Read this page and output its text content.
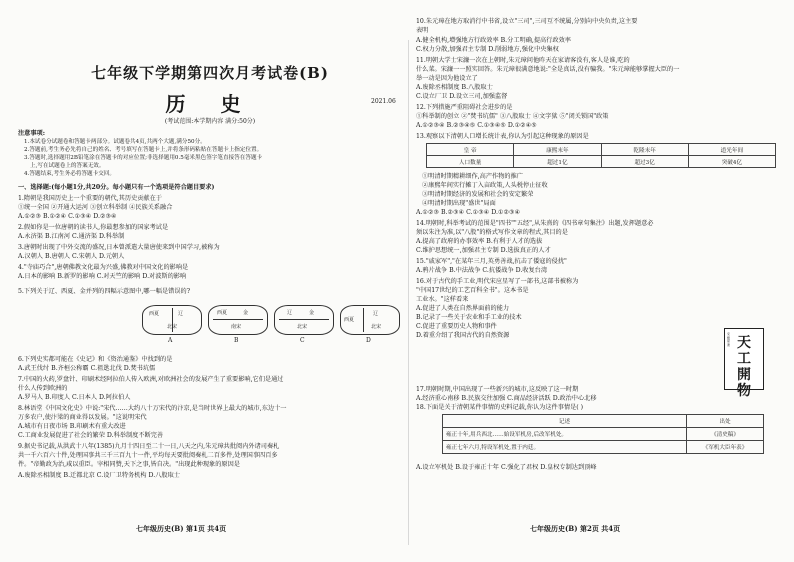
七年级下学期第四次月考试卷(B)
历 史	2021.06
(考试范围:本学期内容 满分:50分)
注意事项:
1.本试卷分试题卷和答题卡两部分。试题卷共4页,共两个大题,满分50分。
2.答题前,考生务必先将自己的姓名、考号填写在答题卡上,并将条形码粘贴在答题卡上指定位置。
3.答题时,选择题用2B铅笔涂在答题卡的对应位置;非选择题用0.5毫米黑色签字笔直接答在答题卡
上,写在试题卷上的答案无效。
4.答题结束,考生务必将答题卡交回。
一、选择题:(每小题1分,共20分。每小题只有一个选项是符合题目要求)
1.隋朝是我国历史上一个重要的朝代,其历史贡献在于
①统一全国 ②开通大运河 ③创立科举制 ④民族关系融合
A.①②③ B.①②④ C.①③④ D.②③④
2.假如你是一位唐朝的读书人,你最想参加的国家考试是
A.永济渠 B.江南河 C.通济渠 D.科举制
3.唐朝时出现了中外交流的盛况,日本曾派遣大量唐使来到中国学习,被称为
A.汉朝人 B.唐朝人 C.宋朝人 D.元朝人
4."寺庙巧合",唐朝佛教文化最为兴盛,佛教对中国文化的影响是
A.日本的影响 B.新罗的影响 C.对天竺的影响 D.对波斯的影响
5.下列关于辽、西夏、金并列的四幅示意图中,哪一幅是错误的?
西夏	辽
北宋
A
西夏	金
南宋
B
辽	金
北宋
C
西夏
辽
北宋
D
6.下列史实都可能在《史记》和《资治通鉴》中找到的是
A.武王伐纣 B.齐桓公称霸 C.祖逖北伐 D.焚书坑儒
7.中国的火药,罗盘针、印刷术经阿拉伯人传入欧洲,对欧洲社会的发展产生了重要影响,它们是通过
什么人传到欧洲的
A.罗马人 B.印度人 C.日本人 D.阿拉伯人
8.林语堂《中国文化史》中说:"宋代……大约八十万宋代的汴京,是当时世界上最大的城市,东边十一
万多农户,使汴梁的商业得以发展。"这说明宋代
A.城市有日夜市场 B.印刷术有重大改进
C.工商业发展促进了社会的繁荣 D.科举制度不断完善
9.据史书记载,从洪武十八年(1385)九月十四日至二十一日,八天之内,朱元璋共批阅内外诸司奏札
共一千六百六十件,处理国事共三千三百九十一件,平均每天要批阅奏札二百多件,处理国事四百多
件。"帝勤政为治,咸以重臣。宰相同赞,天下之事,皆自决。"出现此种现象的原因是
A.废除丞相制度 B.迁都北京 C.设厂卫特务机构 D.八股取士
七年级历史(B) 第1页 共4页
10.朱元璋在地方取消行中书省,设立"三司",三司互不统属,分别向中央负责,这主要
表明
A.健全机构,增强地方行政效率 B.分工明确,提高行政效率
C.权力分散,加强君主专制 D.削弱地方,强化中央集权
11.明朝大学士宋濂一次在上朝时,朱元璋问他昨天在家请客没有,客人是谁,吃的
什么菜。宋濂一一照实回答。朱元璋很满意地说:"全是真话,没有骗我。"朱元璋能够掌握大臣的一
举一动是因为他设立了
A.废除丞相制度 B.八股取士
C.设立厂卫 D.设立三司,加强监督
12.下列措施严重阻碍社会进步的是
①科举制的创立 ②"焚书坑儒" ③八股取士 ④文字狱 ⑤"闭关锁国"政策
A.①②③④ B.②③④⑤ C.①③④⑤ D.①②④⑤
13.观察以下清朝人口增长统计表,你认为引起这种现象的原因是
皇 帝	康熙末年	乾隆末年	道光年间
人口数量	超过1亿	超过3亿	突破4亿
①明清时期精耕细作,高产作物的推广
②康熙年间实行摊丁入亩政策,人头税停止征收
③明清时期经济的发展和社会的安定繁荣
④明清时期出现"盛世"局面
A.①②③ B.②③④ C.①③④ D.①②③④
14.明朝时,科举考试的范围是"四书""五经",从朱熹的《四书章句集注》出题,发挥题意必
须以朱注为准,以"八股"的格式写作文章的程式,其目的是
A.提高了政府的办事效率 B.有利于人才的选拔
C.维护思想统一,加强君主专制 D.选拔真正的人才
15."戚家军","在某年三月,英勇善战,抗击了倭寇的侵扰"
A.鸦片战争 B.中法战争 C.抗倭战争 D.收复台湾
16.对于古代的手工业,明代宋应星写了一部书,这部书被称为
"中国17世纪的工艺百科全书"。这本书是
工业水。"这样看来
A.促进了人类在自然界面前的能力
B.记录了一些关于农业和手工业的技术
C.促进了重要历史人物和事件
D.着重介绍了我国古代的自然资源	宋應星著 天工開物
17.明朝时期,中国出现了一些新兴的城市,这反映了这一时期
A.经济重心南移 B.民族交往加强 C.商品经济活跃 D.政治中心北移
18.下面是关于清朝某件事情的史料记载,你认为这件事情是( )
记述	出处
雍正十年,用兵西北……始设军机房,后改军机处。	《清史稿》
雍正七年六月,特设军机处,置于内廷。	《军机大臣年表》
A.设立军机处 B.设于雍正十年 C.强化了君权 D.皇权专制达到顶峰
七年级历史(B) 第2页 共4页
